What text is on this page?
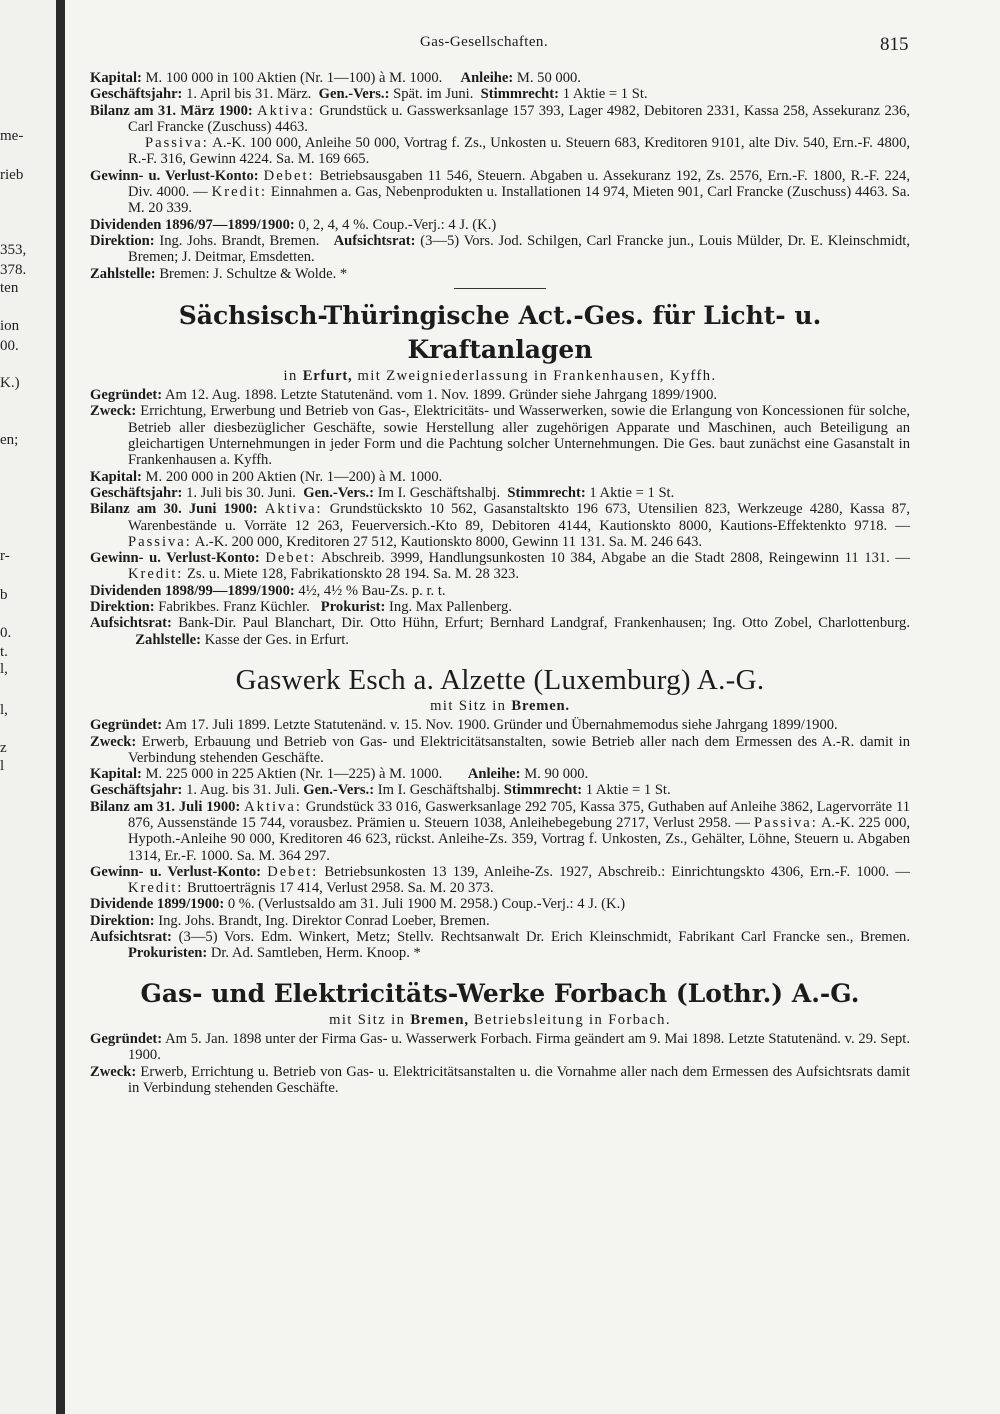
me-
rieb
353,
378.
ten
ion
00.
K.)
en;
r-
b
0.
t.
l,
l,
z
l
Gas-Gesellschaften.	815

Kapital: M. 100 000 in 100 Aktien (Nr. 1—100) à M. 1000. Anleihe: M. 50 000.

Geschäftsjahr: 1. April bis 31. März. Gen.-Vers.: Spät. im Juni. Stimmrecht: 1 Aktie = 1 St.

Bilanz am 31. März 1900: Aktiva: Grundstück u. Gasswerksanlage 157 393, Lager 4982, Debitoren 2331, Kassa 258, Assekuranz 236, Carl Francke (Zuschuss) 4463.
Passiva: A.-K. 100 000, Anleihe 50 000, Vortrag f. Zs., Unkosten u. Steuern 683, Kreditoren 9101, alte Div. 540, Ern.-F. 4800, R.-F. 316, Gewinn 4224. Sa. M. 169 665.

Gewinn- u. Verlust-Konto: Debet: Betriebsausgaben 11 546, Steuern. Abgaben u. Assekuranz 192, Zs. 2576, Ern.-F. 1800, R.-F. 224, Div. 4000. — Kredit: Einnahmen a. Gas, Nebenprodukten u. Installationen 14 974, Mieten 901, Carl Francke (Zuschuss) 4463. Sa. M. 20 339.

Dividenden 1896/97—1899/1900: 0, 2, 4, 4 %. Coup.-Verj.: 4 J. (K.)

Direktion: Ing. Johs. Brandt, Bremen. Aufsichtsrat: (3—5) Vors. Jod. Schilgen, Carl Francke jun., Louis Mülder, Dr. E. Kleinschmidt, Bremen; J. Deitmar, Emsdetten.

Zahlstelle: Bremen: J. Schultze & Wolde. *

Sächsisch-Thüringische Act.-Ges. für Licht- u. Kraftanlagen

in Erfurt, mit Zweigniederlassung in Frankenhausen, Kyffh.

Gegründet: Am 12. Aug. 1898. Letzte Statutenänd. vom 1. Nov. 1899. Gründer siehe Jahrgang 1899/1900.

Zweck: Errichtung, Erwerbung und Betrieb von Gas-, Elektricitäts- und Wasserwerken, sowie die Erlangung von Koncessionen für solche, Betrieb aller diesbezüglicher Geschäfte, sowie Herstellung aller zugehörigen Apparate und Maschinen, auch Beteiligung an gleichartigen Unternehmungen in jeder Form und die Pachtung solcher Unternehmungen. Die Ges. baut zunächst eine Gasanstalt in Frankenhausen a. Kyffh.

Kapital: M. 200 000 in 200 Aktien (Nr. 1—200) à M. 1000.

Geschäftsjahr: 1. Juli bis 30. Juni. Gen.-Vers.: Im I. Geschäftshalbj. Stimmrecht: 1 Aktie = 1 St.

Bilanz am 30. Juni 1900: Aktiva: Grundstückskto 10 562, Gasanstaltskto 196 673, Utensilien 823, Werkzeuge 4280, Kassa 87, Warenbestände u. Vorräte 12 263, Feuerversich.-Kto 89, Debitoren 4144, Kautionskto 8000, Kautions-Effektenkto 9718. — Passiva: A.-K. 200 000, Kreditoren 27 512, Kautionskto 8000, Gewinn 11 131. Sa. M. 246 643.

Gewinn- u. Verlust-Konto: Debet: Abschreib. 3999, Handlungsunkosten 10 384, Abgabe an die Stadt 2808, Reingewinn 11 131. — Kredit: Zs. u. Miete 128, Fabrikationskto 28 194. Sa. M. 28 323.

Dividenden 1898/99—1899/1900: 4½, 4½ % Bau-Zs. p. r. t.

Direktion: Fabrikbes. Franz Küchler. Prokurist: Ing. Max Pallenberg.

Aufsichtsrat: Bank-Dir. Paul Blanchart, Dir. Otto Hühn, Erfurt; Bernhard Landgraf, Frankenhausen; Ing. Otto Zobel, Charlottenburg.   Zahlstelle: Kasse der Ges. in Erfurt.

Gaswerk Esch a. Alzette (Luxemburg) A.-G.

mit Sitz in Bremen.

Gegründet: Am 17. Juli 1899. Letzte Statutenänd. v. 15. Nov. 1900. Gründer und Übernahmemodus siehe Jahrgang 1899/1900.

Zweck: Erwerb, Erbauung und Betrieb von Gas- und Elektricitätsanstalten, sowie Betrieb aller nach dem Ermessen des A.-R. damit in Verbindung stehenden Geschäfte.

Kapital: M. 225 000 in 225 Aktien (Nr. 1—225) à M. 1000. Anleihe: M. 90 000.

Geschäftsjahr: 1. Aug. bis 31. Juli. Gen.-Vers.: Im I. Geschäftshalbj. Stimmrecht: 1 Aktie = 1 St.

Bilanz am 31. Juli 1900: Aktiva: Grundstück 33 016, Gaswerksanlage 292 705, Kassa 375, Guthaben auf Anleihe 3862, Lagervorräte 11 876, Aussenstände 15 744, vorausbez. Prämien u. Steuern 1038, Anleihebegebung 2717, Verlust 2958. — Passiva: A.-K. 225 000, Hypoth.-Anleihe 90 000, Kreditoren 46 623, rückst. Anleihe-Zs. 359, Vortrag f. Unkosten, Zs., Gehälter, Löhne, Steuern u. Abgaben 1314, Er.-F. 1000. Sa. M. 364 297.

Gewinn- u. Verlust-Konto: Debet: Betriebsunkosten 13 139, Anleihe-Zs. 1927, Abschreib.: Einrichtungskto 4306, Ern.-F. 1000. — Kredit: Bruttoerträgnis 17 414, Verlust 2958. Sa. M. 20 373.

Dividende 1899/1900: 0 %. (Verlustsaldo am 31. Juli 1900 M. 2958.) Coup.-Verj.: 4 J. (K.)

Direktion: Ing. Johs. Brandt, Ing. Direktor Conrad Loeber, Bremen.

Aufsichtsrat: (3—5) Vors. Edm. Winkert, Metz; Stellv. Rechtsanwalt Dr. Erich Kleinschmidt, Fabrikant Carl Francke sen., Bremen. Prokuristen: Dr. Ad. Samtleben, Herm. Knoop. *

Gas- und Elektricitäts-Werke Forbach (Lothr.) A.-G.

mit Sitz in Bremen, Betriebsleitung in Forbach.

Gegründet: Am 5. Jan. 1898 unter der Firma Gas- u. Wasserwerk Forbach. Firma geändert am 9. Mai 1898. Letzte Statutenänd. v. 29. Sept. 1900.

Zweck: Erwerb, Errichtung u. Betrieb von Gas- u. Elektricitätsanstalten u. die Vornahme aller nach dem Ermessen des Aufsichtsrats damit in Verbindung stehenden Geschäfte.
